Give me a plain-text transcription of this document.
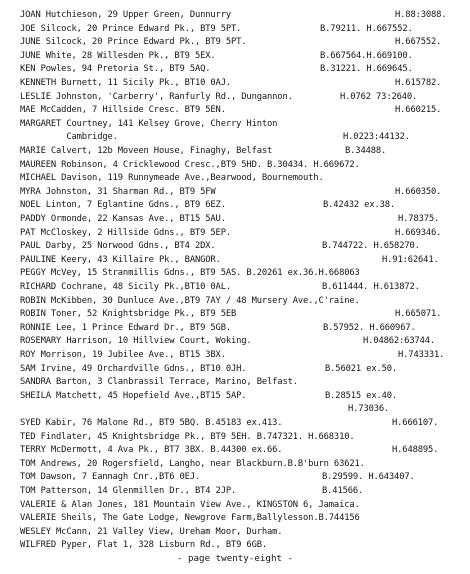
JOAN Hutchieson, 29 Upper Green, Dunnurry	H.88:3088.
JOE Silcock, 20 Prince Edward Pk., BT9 5PT.	B.79211. H.667552.
JUNE Silcock, 20 Prince Edward Pk., BT9 5PT.	H.667552.
JUNE White, 28 Willesden Pk., BT9 5EX.	B.667564.H.669100.
KEN Powles, 94 Pretoria St., BT9 5AQ.	B.31221. H.669645.
KENNETH Burnett, 11 Sicily Pk., BT10 0AJ.	H.615782.
LESLIE Johnston, 'Carberry', Ranfurly Rd., Dungannon.	H.0762 73:2640.
MAE McCadden, 7 Hillside Cresc. BT9 5EN.	H.660215.
MARGARET Courtney, 141 Kelsey Grove, Cherry Hinton
Cambridge.	H.0223:44132.
MARIE Calvert, 12b Moveen House, Finaghy, Belfast	B.34488.
MAUREEN Robinson, 4 Cricklewood Cresc.,BT9 5HD. B.30434. H.669672.
MICHAEL Davison, 119 Runnymeade Ave.,Bearwood, Bournemouth.
MYRA Johnston, 31 Sharman Rd., BT9 5FW	H.660350.
NOEL Linton, 7 Eglantine Gdns., BT9 6EZ.	B.42432 ex.38.
PADDY Ormonde, 22 Kansas Ave., BT15 5AU.	H.78375.
PAT McCloskey, 2 Hillside Gdns., BT9 5EP.	H.669346.
PAUL Darby, 25 Norwood Gdns., BT4 2DX.	B.744722. H.658270.
PAULINE Keery, 43 Killaire Pk., BANGOR.	H.91:62641.
PEGGY McVey, 15 Stranmillis Gdns., BT9 5AS. B.20261 ex.36.H.668063
RICHARD Cochrane, 48 Sicily Pk.,BT10 0AL.	B.611444. H.613872.
ROBIN McKibben, 30 Dunluce Ave.,BT9 7AY / 48 Mursery Ave.,C'raine.
ROBIN Toner, 52 Knightsbridge Pk., BT9 5EB	H.665071.
RONNIE Lee, 1 Prince Edward Dr., BT9 5GB.	B.57952. H.660967.
ROSEMARY Harrison, 10 Hillview Court, Woking.	H.04862:63744.
ROY Morrison, 19 Jubilee Ave., BT15 3BX.	H.743331.
SAM Irvine, 49 Orchardville Gdns., BT10 0JH.	B.56021 ex.50.
SANDRA Barton, 3 Clanbrassil Terrace, Marino, Belfast.
SHEILA Matchett, 45 Hopefield Ave.,BT15 5AP.	B.28515 ex.40.
H.73036.
SYED Kabir, 76 Malone Rd., BT9 5BQ. B.45183 ex.413.	H.666107.
TED Findlater, 45 Knightsbridge Pk., BT9 5EH. B.747321. H.668310.
TERRY McDermott, 4 Ava Pk., BT7 3BX. B.44300 ex.66.	H.648895.
TOM Andrews, 20 Rogersfield, Langho, near Blackburn.B.B'burn 63621.
TOM Dawson, 7 Eannagh Cnr.,BT6 0EJ.	B.29599. H.643407.
TOM Patterson, 14 Glenmillen Dr., BT4 2JP.	B.41566.
VALERIE & Alan Jones, 181 Mountain View Ave., KINGSTON 6, Jamaica.
VALERIE Sheils, The Gate Lodge, Newgrove Farm,Ballylesson.B.744156
WESLEY McCann, 21 Valley View, Ureham Moor, Durham.
WILFRED Pyper, Flat 1, 328 Lisburn Rd., BT9 6GB.
- page twenty-eight -
